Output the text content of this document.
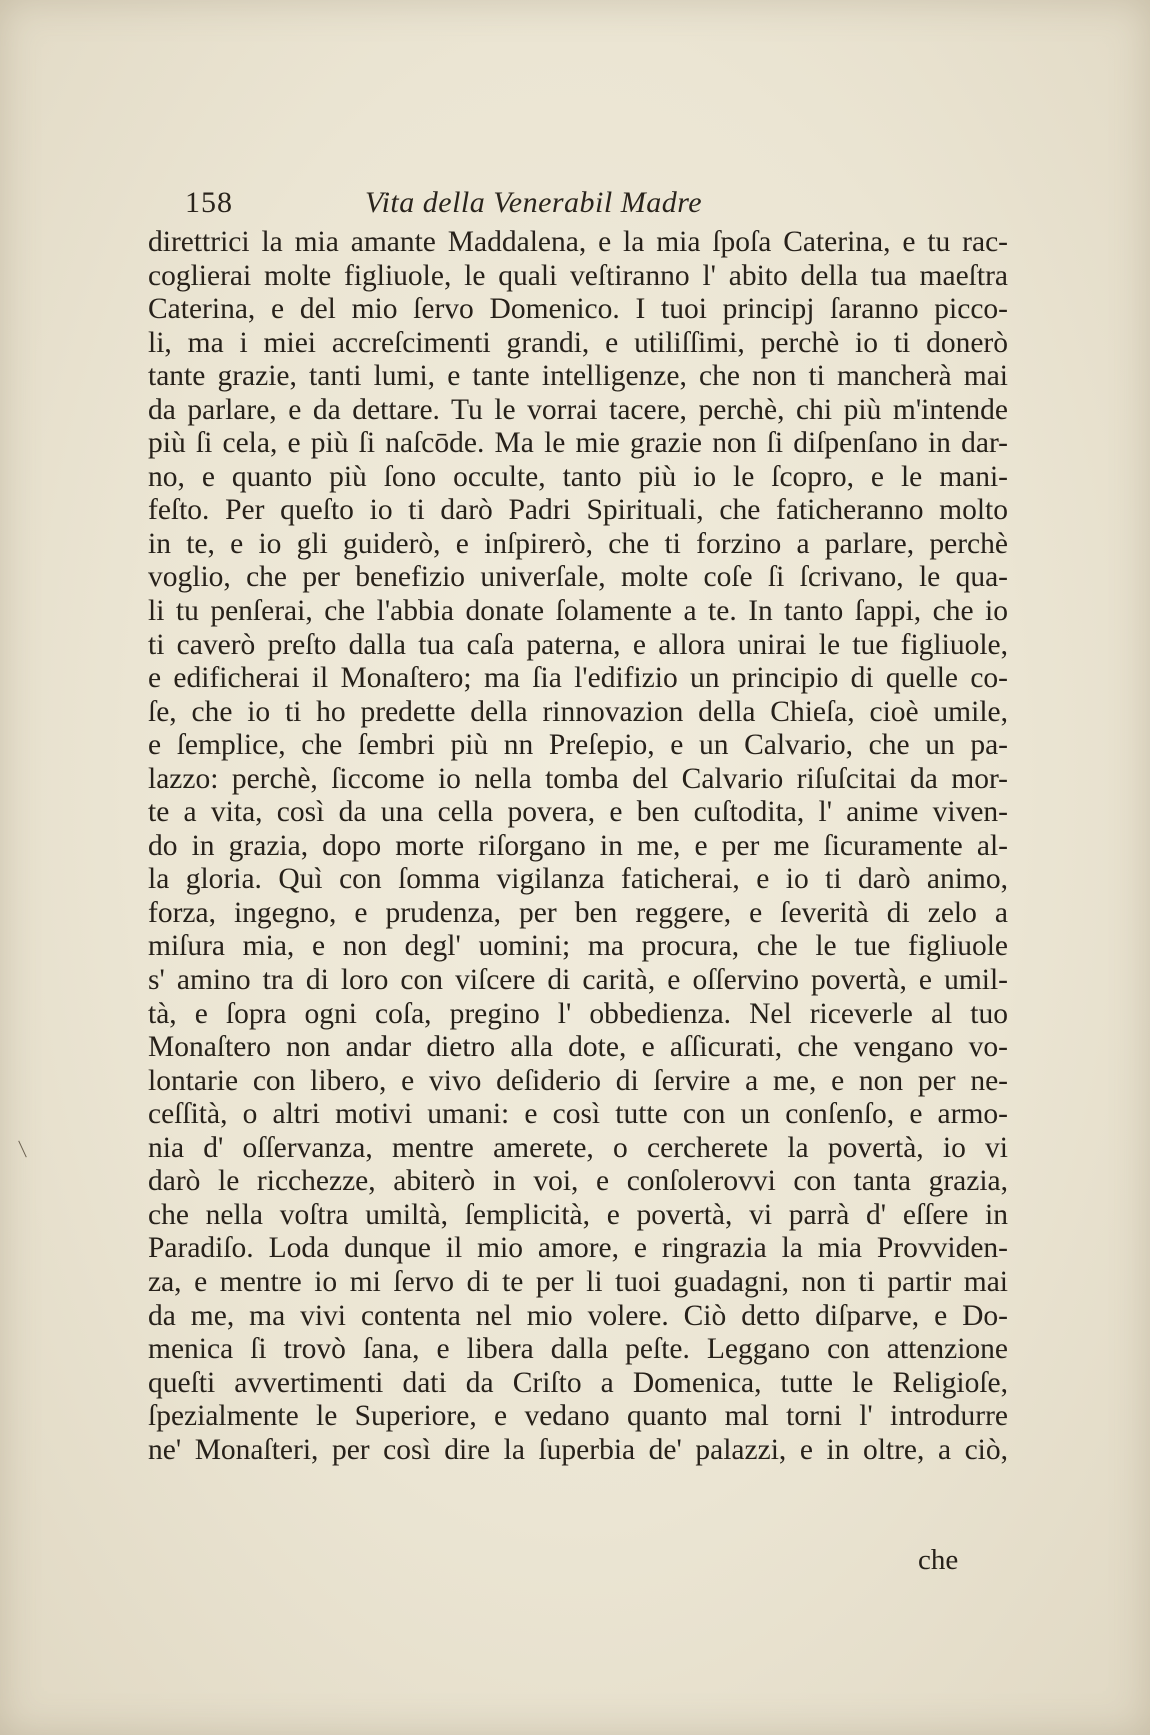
158	Vita della Venerabil Madre
direttrici la mia amante Maddalena, e la mia ſpoſa Caterina, e tu rac-
coglierai molte figliuole, le quali veſtiranno l' abito della tua maeſtra
Caterina, e del mio ſervo Domenico. I tuoi principj ſaranno picco-
li, ma i miei accreſcimenti grandi, e utiliſſimi, perchè io ti donerò
tante grazie, tanti lumi, e tante intelligenze, che non ti mancherà mai
da parlare, e da dettare. Tu le vorrai tacere, perchè, chi più m'intende
più ſi cela, e più ſi naſcōde. Ma le mie grazie non ſi diſpenſano in dar-
no, e quanto più ſono occulte, tanto più io le ſcopro, e le mani-
feſto. Per queſto io ti darò Padri Spirituali, che faticheranno molto
in te, e io gli guiderò, e inſpirerò, che ti forzino a parlare, perchè
voglio, che per benefizio univerſale, molte coſe ſi ſcrivano, le qua-
li tu penſerai, che l'abbia donate ſolamente a te. In tanto ſappi, che io
ti caverò preſto dalla tua caſa paterna, e allora unirai le tue figliuole,
e edificherai il Monaſtero; ma ſia l'edifizio un principio di quelle co-
ſe, che io ti ho predette della rinnovazion della Chieſa, cioè umile,
e ſemplice, che ſembri più nn Preſepio, e un Calvario, che un pa-
lazzo: perchè, ſiccome io nella tomba del Calvario riſuſcitai da mor-
te a vita, così da una cella povera, e ben cuſtodita, l' anime viven-
do in grazia, dopo morte riſorgano in me, e per me ſicuramente al-
la gloria. Quì con ſomma vigilanza faticherai, e io ti darò animo,
forza, ingegno, e prudenza, per ben reggere, e ſeverità di zelo a
miſura mia, e non degl' uomini; ma procura, che le tue figliuole
s' amino tra di loro con viſcere di carità, e oſſervino povertà, e umil-
tà, e ſopra ogni coſa, pregino l' obbedienza. Nel riceverle al tuo
Monaſtero non andar dietro alla dote, e aſſicurati, che vengano vo-
lontarie con libero, e vivo deſiderio di ſervire a me, e non per ne-
ceſſità, o altri motivi umani: e così tutte con un conſenſo, e armo-
nia d' oſſervanza, mentre amerete, o cercherete la povertà, io vi
darò le ricchezze, abiterò in voi, e conſolerovvi con tanta grazia,
che nella voſtra umiltà, ſemplicità, e povertà, vi parrà d' eſſere in
Paradiſo. Loda dunque il mio amore, e ringrazia la mia Provviden-
za, e mentre io mi ſervo di te per li tuoi guadagni, non ti partir mai
da me, ma vivi contenta nel mio volere. Ciò detto diſparve, e Do-
menica ſi trovò ſana, e libera dalla peſte. Leggano con attenzione
queſti avvertimenti dati da Criſto a Domenica, tutte le Religioſe,
ſpezialmente le Superiore, e vedano quanto mal torni l' introdurre
ne' Monaſteri, per così dire la ſuperbia de' palazzi, e in oltre, a ciò,
che
